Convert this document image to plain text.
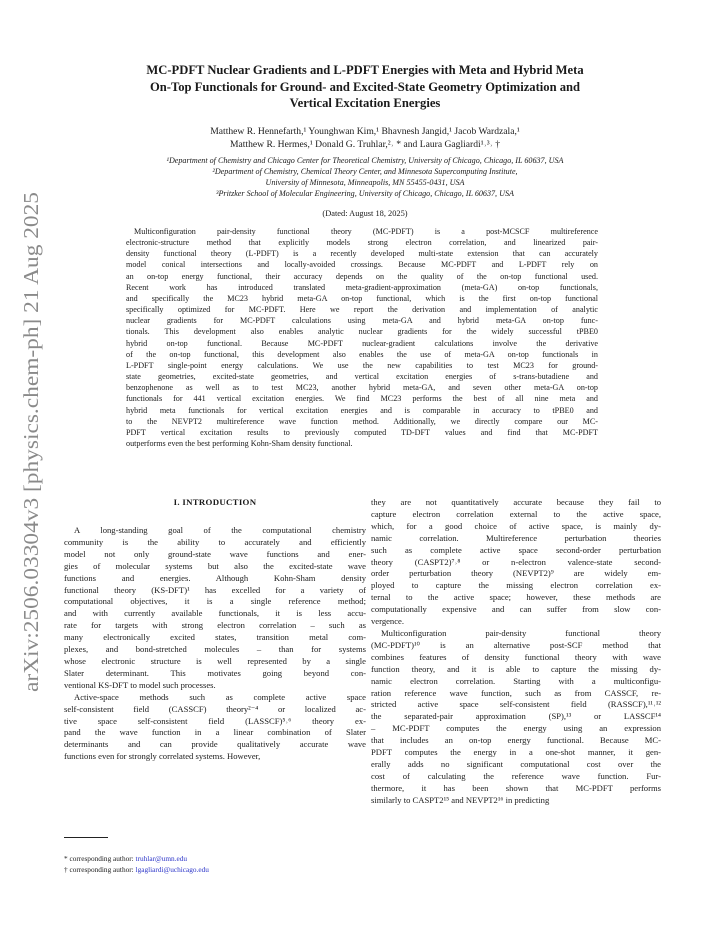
arXiv:2506.03304v3 [physics.chem-ph] 21 Aug 2025
MC-PDFT Nuclear Gradients and L-PDFT Energies with Meta and Hybrid Meta
On-Top Functionals for Ground- and Excited-State Geometry Optimization and
Vertical Excitation Energies
Matthew R. Hennefarth,¹ Younghwan Kim,¹ Bhavnesh Jangid,¹ Jacob Wardzala,¹
Matthew R. Hermes,¹ Donald G. Truhlar,²˒ * and Laura Gagliardi¹˒³˒ †
¹Department of Chemistry and Chicago Center for Theoretical Chemistry, University of Chicago, Chicago, IL 60637, USA
²Department of Chemistry, Chemical Theory Center, and Minnesota Supercomputing Institute,
University of Minnesota, Minneapolis, MN 55455-0431, USA
³Pritzker School of Molecular Engineering, University of Chicago, Chicago, IL 60637, USA
(Dated: August 18, 2025)
Multiconfiguration pair-density functional theory (MC-PDFT) is a post-MCSCF multireference
electronic-structure method that explicitly models strong electron correlation, and linearized pair-
density functional theory (L-PDFT) is a recently developed multi-state extension that can accurately
model conical intersections and locally-avoided crossings. Because MC-PDFT and L-PDFT rely on
an on-top energy functional, their accuracy depends on the quality of the on-top functional used.
Recent work has introduced translated meta-gradient-approximation (meta-GA) on-top functionals,
and specifically the MC23 hybrid meta-GA on-top functional, which is the first on-top functional
specifically optimized for MC-PDFT. Here we report the derivation and implementation of analytic
nuclear gradients for MC-PDFT calculations using meta-GA and hybrid meta-GA on-top func-
tionals. This development also enables analytic nuclear gradients for the widely successful tPBE0
hybrid on-top functional. Because MC-PDFT nuclear-gradient calculations involve the derivative
of the on-top functional, this development also enables the use of meta-GA on-top functionals in
L-PDFT single-point energy calculations. We use the new capabilities to test MC23 for ground-
state geometries, excited-state geometries, and vertical excitation energies of s-trans-butadiene and
benzophenone as well as to test MC23, another hybrid meta-GA, and seven other meta-GA on-top
functionals for 441 vertical excitation energies. We find MC23 performs the best of all nine meta and
hybrid meta functionals for vertical excitation energies and is comparable in accuracy to tPBE0 and
to the NEVPT2 multireference wave function method. Additionally, we directly compare our MC-
PDFT vertical excitation results to previously computed TD-DFT values and find that MC-PDFT
outperforms even the best performing Kohn-Sham density functional.
I. INTRODUCTION
A long-standing goal of the computational chemistry
community is the ability to accurately and efficiently
model not only ground-state wave functions and ener-
gies of molecular systems but also the excited-state wave
functions and energies. Although Kohn-Sham density
functional theory (KS-DFT)¹ has excelled for a variety of
computational objectives, it is a single reference method;
and with currently available functionals, it is less accu-
rate for targets with strong electron correlation – such as
many electronically excited states, transition metal com-
plexes, and bond-stretched molecules – than for systems
whose electronic structure is well represented by a single
Slater determinant. This motivates going beyond con-
ventional KS-DFT to model such processes.
Active-space methods such as complete active space
self-consistent field (CASSCF) theory²⁻⁴ or localized ac-
tive space self-consistent field (LASSCF)⁵˒⁶ theory ex-
pand the wave function in a linear combination of Slater
determinants and can provide qualitatively accurate wave
functions even for strongly correlated systems. However,
they are not quantitatively accurate because they fail to
capture electron correlation external to the active space,
which, for a good choice of active space, is mainly dy-
namic correlation. Multireference perturbation theories
such as complete active space second-order perturbation
theory (CASPT2)⁷˒⁸ or n-electron valence-state second-
order perturbation theory (NEVPT2)⁹ are widely em-
ployed to capture the missing electron correlation ex-
ternal to the active space; however, these methods are
computationally expensive and can suffer from slow con-
vergence.
Multiconfiguration pair-density functional theory
(MC-PDFT)¹⁰ is an alternative post-SCF method that
combines features of density functional theory with wave
function theory, and it is able to capture the missing dy-
namic electron correlation. Starting with a multiconfigu-
ration reference wave function, such as from CASSCF, re-
stricted active space self-consistent field (RASSCF),¹¹˒¹²
the separated-pair approximation (SP),¹³ or LASSCF¹⁴
– MC-PDFT computes the energy using an expression
that includes an on-top energy functional. Because MC-
PDFT computes the energy in a one-shot manner, it gen-
erally adds no significant computational cost over the
cost of calculating the reference wave function. Fur-
thermore, it has been shown that MC-PDFT performs
similarly to CASPT2¹⁵ and NEVPT2¹⁶ in predicting
* corresponding author: truhlar@umn.edu
† corresponding author: lgagliardi@uchicago.edu
